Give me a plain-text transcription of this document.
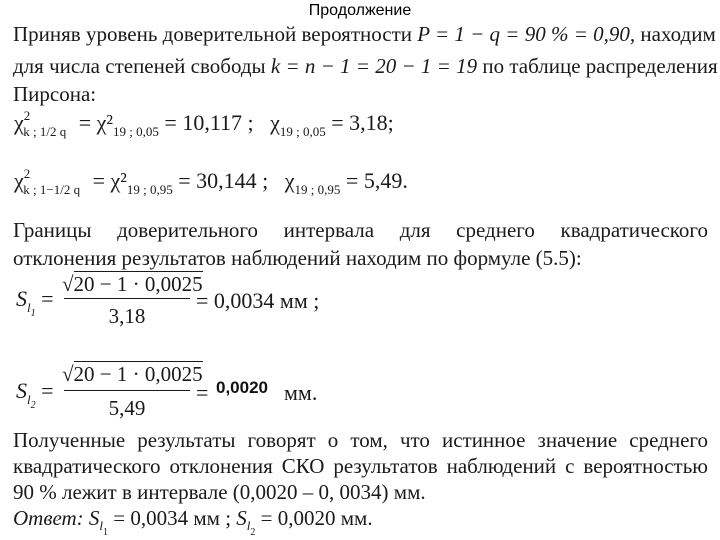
Продолжение
Приняв уровень доверительной вероятности P = 1 − q = 90 % = 0,90, находим
для числа степеней свободы k = n − 1 = 20 − 1 = 19 по таблице распределения
Пирсона:
$\chi^2_{k ; 1/2 q} = \chi^2_{19 ; 0,05} = 10,117$ ; $\chi_{19 ; 0,05} = 3,18$;
$\chi^2_{k ; 1-1/2 q} = \chi^2_{19 ; 0,95} = 30,144$ ; $\chi_{19 ; 0,95} = 5,49$.
Границы доверительного интервала для среднего квадратического
отклонения результатов наблюдений находим по формуле (5.5):
$S_{l1}$ =
√20 − 1 · 0,0025
3,18
= 0,0034 мм ;
$S_{l2}$ =
√20 − 1 · 0,0025
5,49
= 0,0020 мм.
Полученные результаты говорят о том, что истинное значение среднего
квадратического отклонения СКО результатов наблюдений с вероятностью
90 % лежит в интервале (0,0020 – 0, 0034) мм.
Ответ: $S_{l1} = 0,0034$ мм ; $S_{l2} = 0,0020$ мм.
